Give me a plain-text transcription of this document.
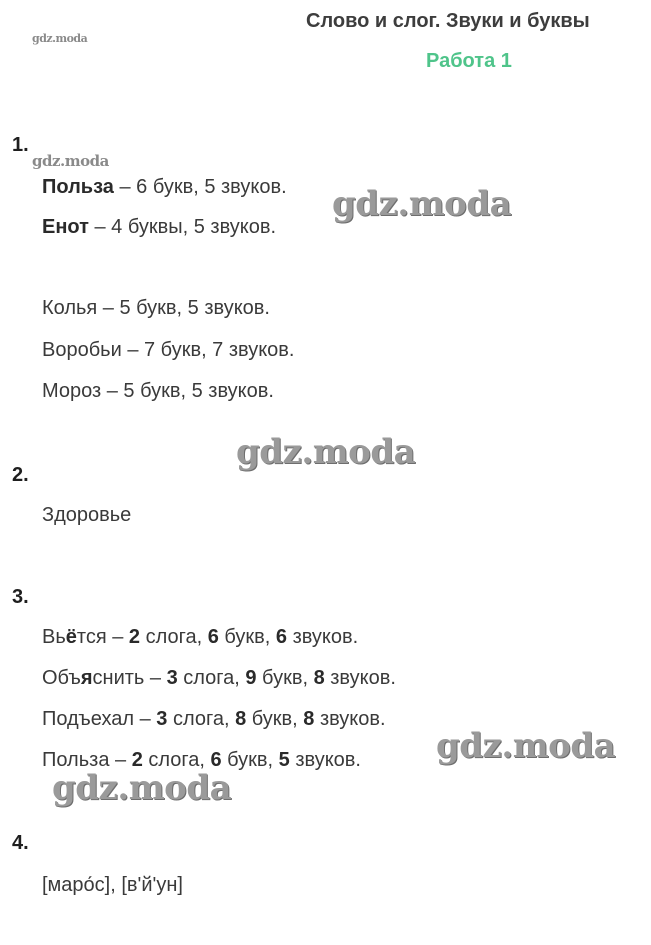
Слово и слог. Звуки и буквы
Работа 1
gdz.moda
1.
gdz.moda
Польза – 6 букв, 5 звуков. gdz.moda
Енот – 4 буквы, 5 звуков.
Колья – 5 букв, 5 звуков.
Воробьи – 7 букв, 7 звуков.
Мороз – 5 букв, 5 звуков.
gdz.moda
2.
Здоровье
3.
Вьётся – 2 слога, 6 букв, 6 звуков.
Объяснить – 3 слога, 9 букв, 8 звуков.
Подъехал – 3 слога, 8 букв, 8 звуков.
Польза – 2 слога, 6 букв, 5 звуков. gdz.moda
gdz.moda
4.
[маро́с], [в'й'ун]
